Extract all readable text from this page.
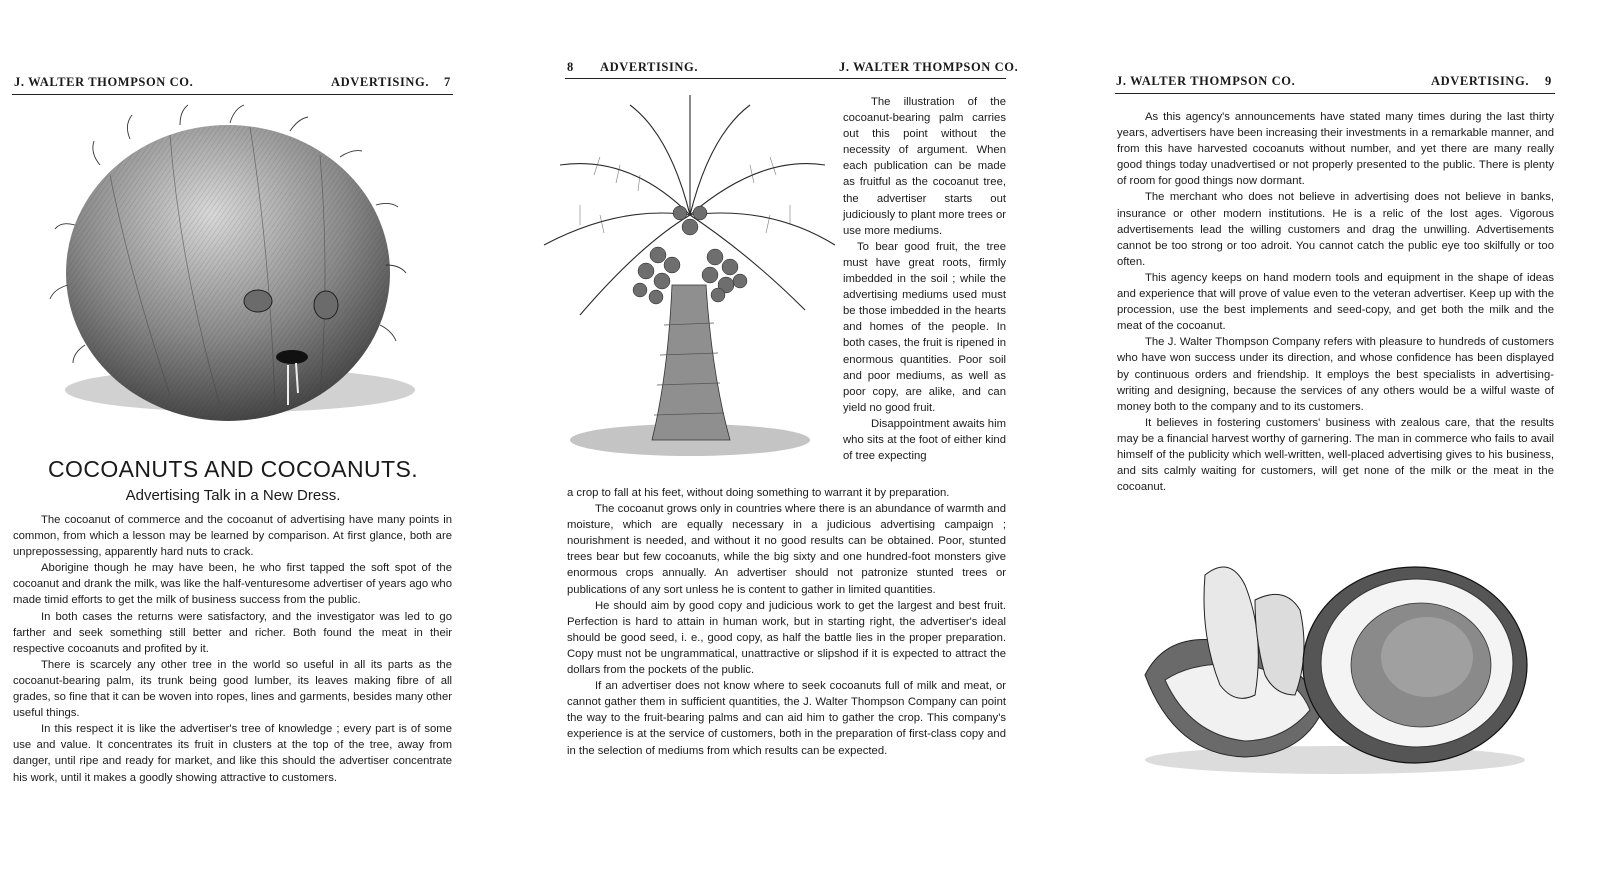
J. WALTER THOMPSON CO.	ADVERTISING. 7
COCOANUTS AND COCOANUTS.
Advertising Talk in a New Dress.

The cocoanut of commerce and the cocoanut of advertising have many points in common, from which a lesson may be learned by comparison. At first glance, both are unprepossessing, apparently hard nuts to crack.

Aborigine though he may have been, he who first tapped the soft spot of the cocoanut and drank the milk, was like the half-venturesome advertiser of years ago who made timid efforts to get the milk of business success from the public.

In both cases the returns were satisfactory, and the investigator was led to go farther and seek something still better and richer. Both found the meat in their respective cocoanuts and profited by it.

There is scarcely any other tree in the world so useful in all its parts as the cocoanut-bearing palm, its trunk being good lumber, its leaves making fibre of all grades, so fine that it can be woven into ropes, lines and garments, besides many other useful things.

In this respect it is like the advertiser's tree of knowledge ; every part is of some use and value. It concentrates its fruit in clusters at the top of the tree, away from danger, until ripe and ready for market, and like this should the advertiser concentrate his work, until it makes a goodly showing attractive to customers.

8 ADVERTISING.	J. WALTER THOMPSON CO.

The illustration of the cocoanut-bearing palm carries out this point without the necessity of argument. When each publication can be made as fruitful as the cocoanut tree, the advertiser starts out judiciously to plant more trees or use more mediums.

To bear good fruit, the tree must have great roots, firmly imbedded in the soil ; while the advertising mediums used must be those imbedded in the hearts and homes of the people. In both cases, the fruit is ripened in enormous quantities. Poor soil and poor mediums, as well as poor copy, are alike, and can yield no good fruit.

Disappointment awaits him who sits at the foot of either kind of tree expecting

a crop to fall at his feet, without doing something to warrant it by preparation.

The cocoanut grows only in countries where there is an abundance of warmth and moisture, which are equally necessary in a judicious advertising campaign ; nourishment is needed, and without it no good results can be obtained. Poor, stunted trees bear but few cocoanuts, while the big sixty and one hundred-foot monsters give enormous crops annually. An advertiser should not patronize stunted trees or publications of any sort unless he is content to gather in limited quantities.

He should aim by good copy and judicious work to get the largest and best fruit. Perfection is hard to attain in human work, but in starting right, the advertiser's ideal should be good seed, i. e., good copy, as half the battle lies in the proper preparation. Copy must not be ungrammatical, unattractive or slipshod if it is expected to attract the dollars from the pockets of the public.

If an advertiser does not know where to seek cocoanuts full of milk and meat, or cannot gather them in sufficient quantities, the J. Walter Thompson Company can point the way to the fruit-bearing palms and can aid him to gather the crop. This company's experience is at the service of customers, both in the preparation of first-class copy and in the selection of mediums from which results can be expected.

J. WALTER THOMPSON CO.	ADVERTISING. 9

As this agency's announcements have stated many times during the last thirty years, advertisers have been increasing their investments in a remarkable manner, and from this have harvested cocoanuts without number, and yet there are many really good things today unadvertised or not properly presented to the public. There is plenty of room for good things now dormant.

The merchant who does not believe in advertising does not believe in banks, insurance or other modern institutions. He is a relic of the lost ages. Vigorous advertisements lead the willing customers and drag the unwilling. Advertisements cannot be too strong or too adroit. You cannot catch the public eye too skilfully or too often.

This agency keeps on hand modern tools and equipment in the shape of ideas and experience that will prove of value even to the veteran advertiser. Keep up with the procession, use the best implements and seed-copy, and get both the milk and the meat of the cocoanut.

The J. Walter Thompson Company refers with pleasure to hundreds of customers who have won success under its direction, and whose confidence has been displayed by continuous orders and friendship. It employs the best specialists in advertising-writing and designing, because the services of any others would be a wilful waste of money both to the company and to its customers.

It believes in fostering customers' business with zealous care, that the results may be a financial harvest worthy of garnering. The man in commerce who fails to avail himself of the publicity which well-written, well-placed advertising gives to his business, and sits calmly waiting for customers, will get none of the milk or the meat in the cocoanut.
